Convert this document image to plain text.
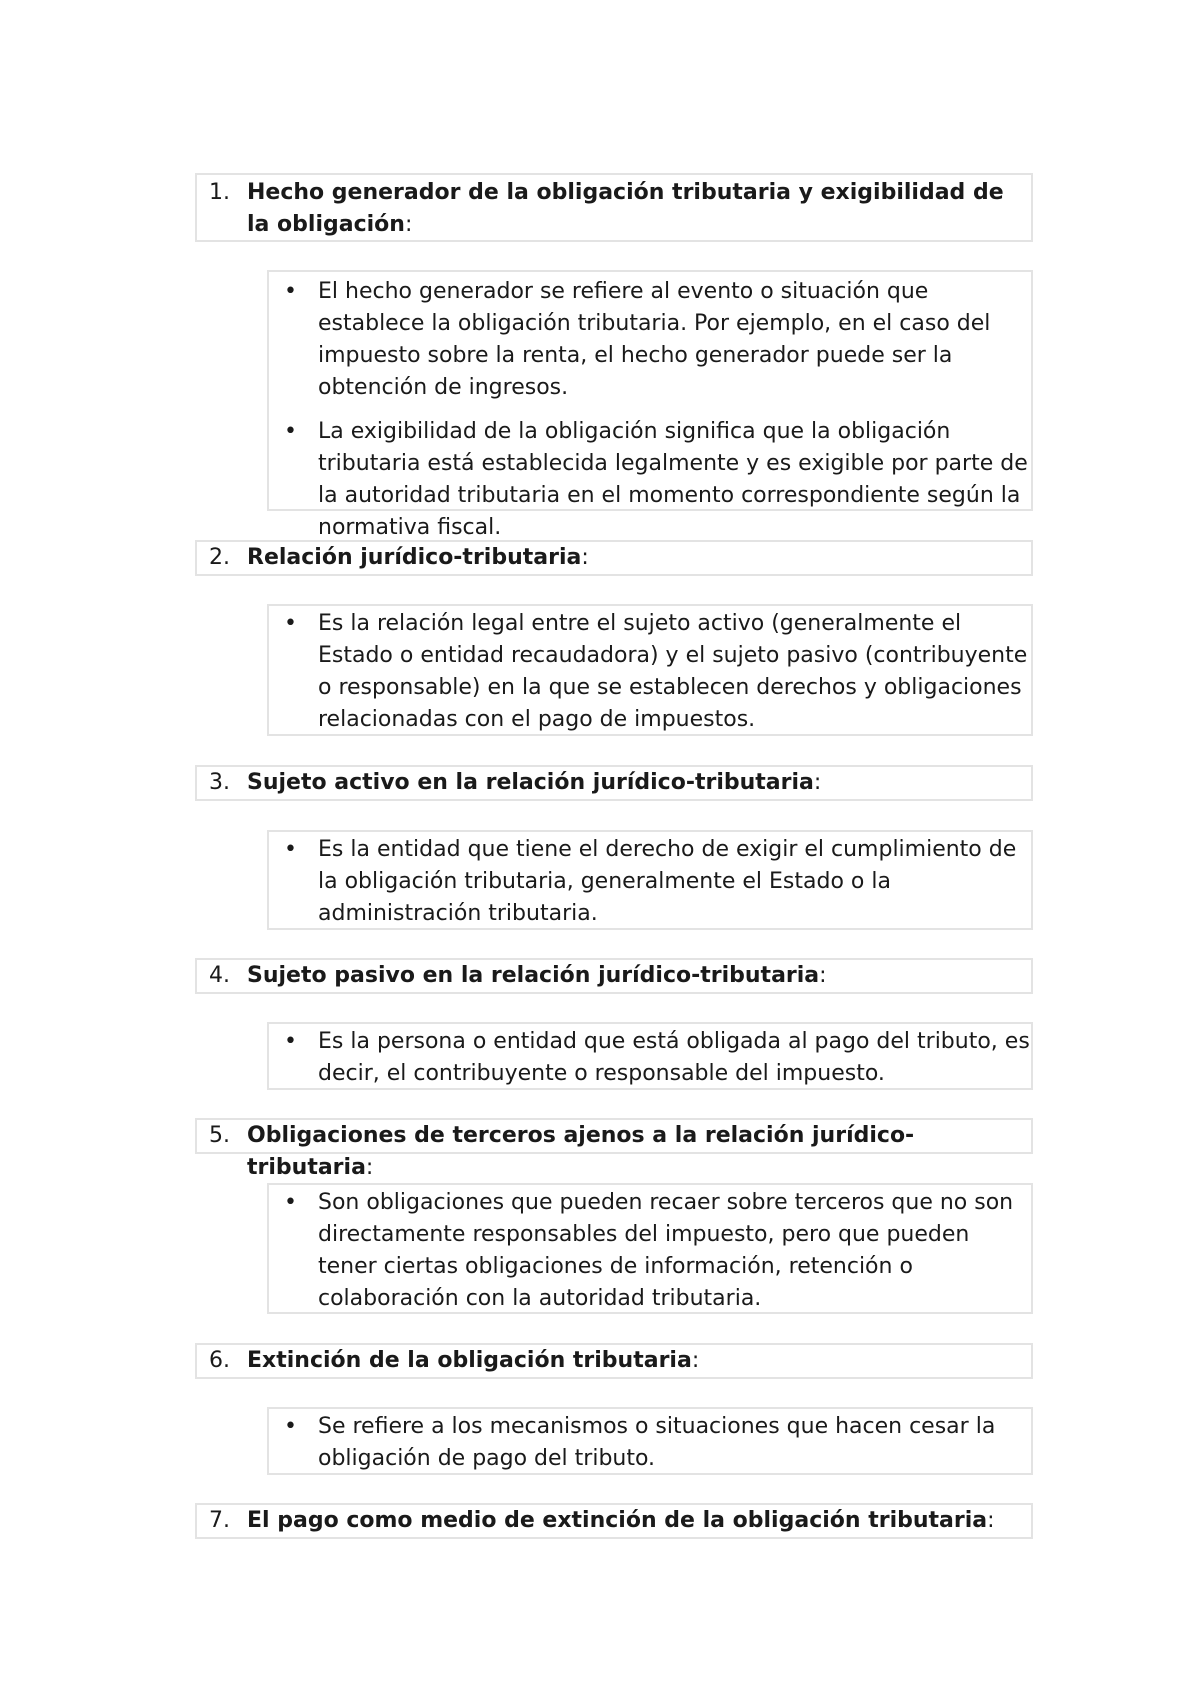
1. Hecho generador de la obligación tributaria y exigibilidad de la obligación:
• El hecho generador se refiere al evento o situación que establece la obligación tributaria. Por ejemplo, en el caso del impuesto sobre la renta, el hecho generador puede ser la obtención de ingresos.
• La exigibilidad de la obligación significa que la obligación tributaria está establecida legalmente y es exigible por parte de la autoridad tributaria en el momento correspondiente según la normativa fiscal.
2. Relación jurídico-tributaria:
• Es la relación legal entre el sujeto activo (generalmente el Estado o entidad recaudadora) y el sujeto pasivo (contribuyente o responsable) en la que se establecen derechos y obligaciones relacionadas con el pago de impuestos.
3. Sujeto activo en la relación jurídico-tributaria:
• Es la entidad que tiene el derecho de exigir el cumplimiento de la obligación tributaria, generalmente el Estado o la administración tributaria.
4. Sujeto pasivo en la relación jurídico-tributaria:
• Es la persona o entidad que está obligada al pago del tributo, es decir, el contribuyente o responsable del impuesto.
5. Obligaciones de terceros ajenos a la relación jurídico-tributaria:
• Son obligaciones que pueden recaer sobre terceros que no son directamente responsables del impuesto, pero que pueden tener ciertas obligaciones de información, retención o colaboración con la autoridad tributaria.
6. Extinción de la obligación tributaria:
• Se refiere a los mecanismos o situaciones que hacen cesar la obligación de pago del tributo.
7. El pago como medio de extinción de la obligación tributaria:
